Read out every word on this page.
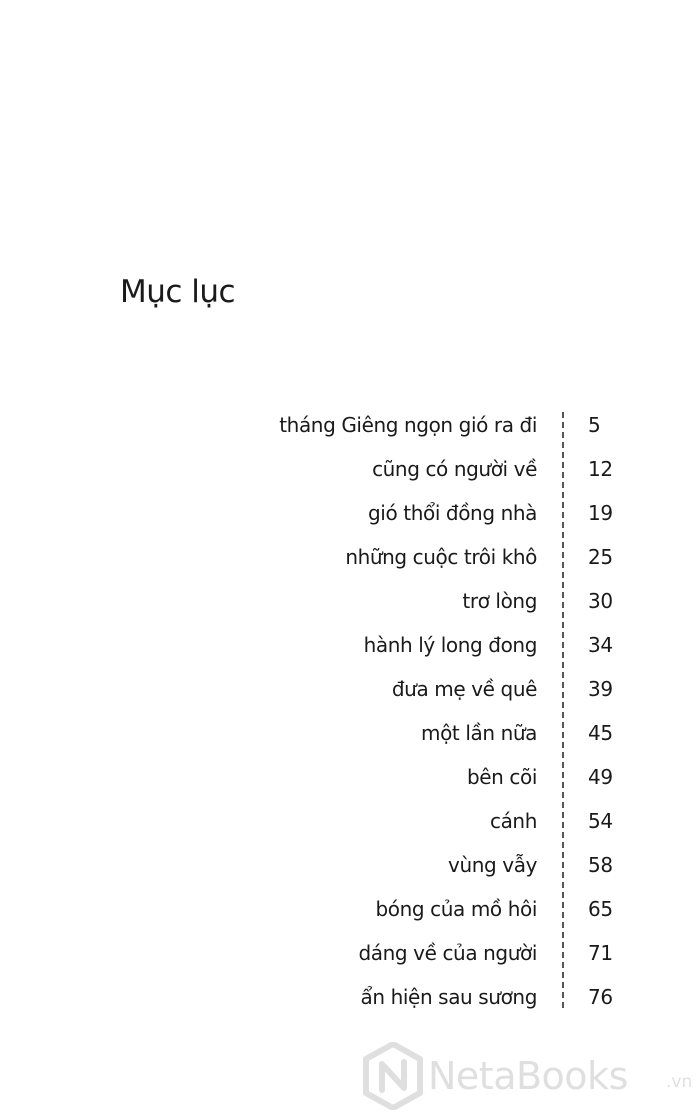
Mục lục
tháng Giêng ngọn gió ra đi	5
cũng có người về	12
gió thổi đồng nhà	19
những cuộc trôi khô	25
trơ lòng	30
hành lý long đong	34
đưa mẹ về quê	39
một lần nữa	45
bên cõi	49
cánh	54
vùng vẫy	58
bóng của mồ hôi	65
dáng về của người	71
ẩn hiện sau sương	76
NetaBooks .vn
